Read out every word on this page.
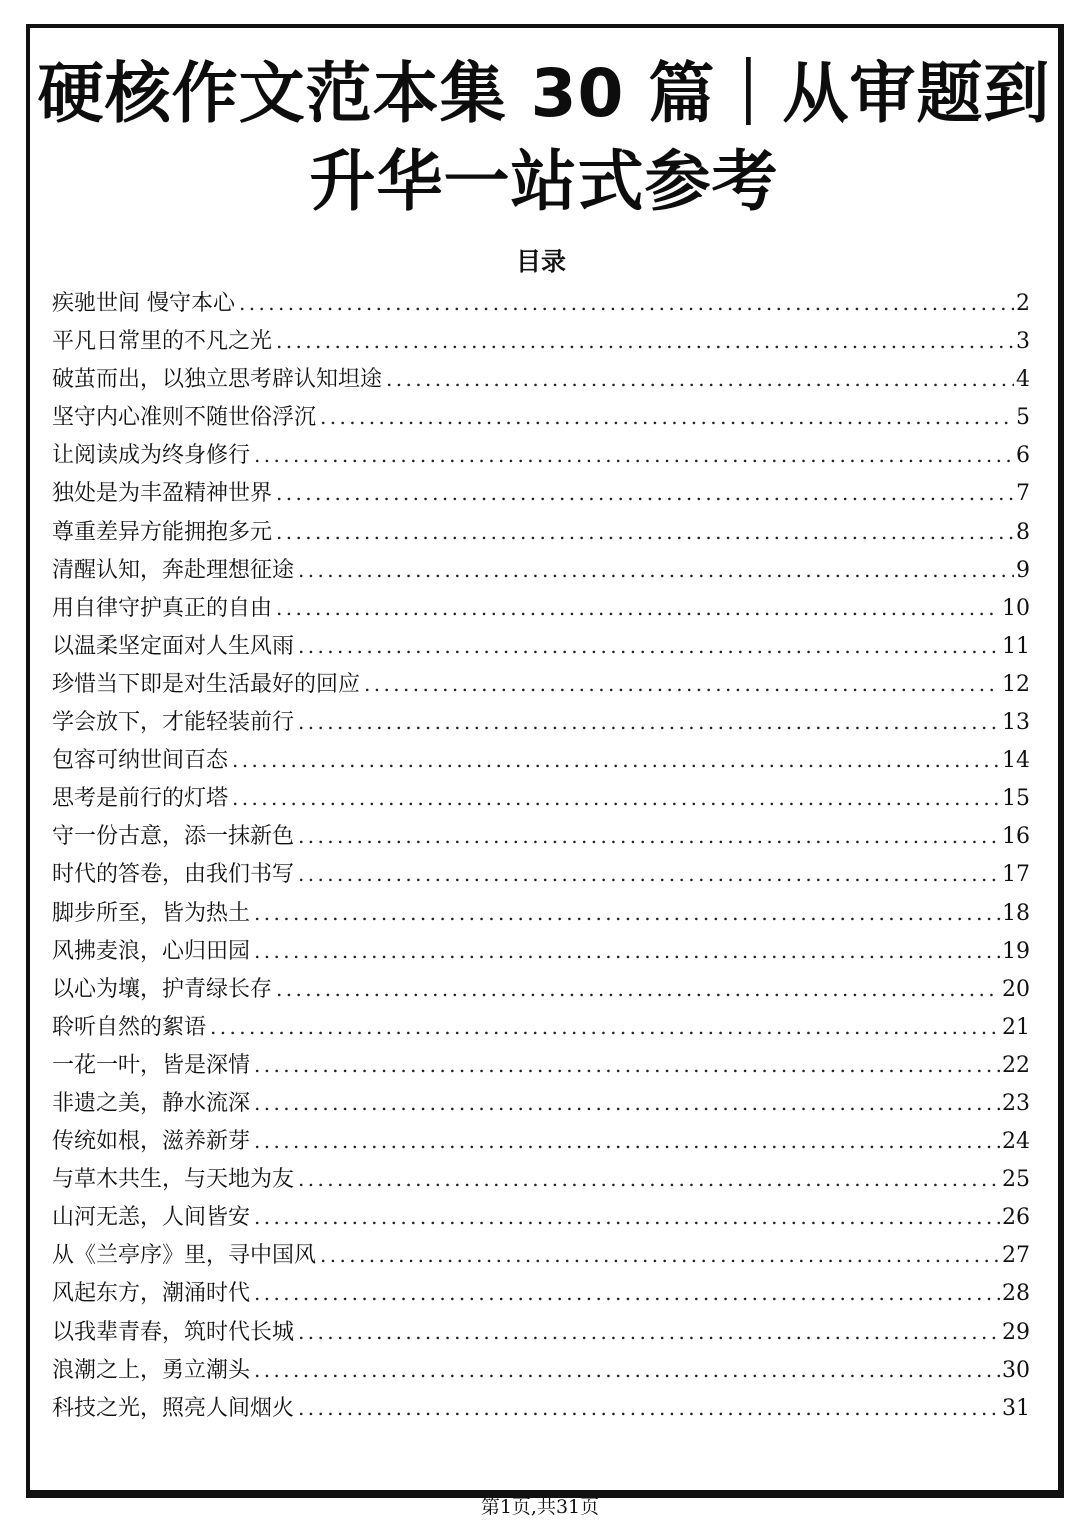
硬核作文范本集 30 篇｜从审题到
升华一站式参考
目录
疾驰世间 慢守本心 .....	2
平凡日常里的不凡之光 .....	3
破茧而出，以独立思考辟认知坦途 .....	4
坚守内心准则不随世俗浮沉 .....	5
让阅读成为终身修行 .....	6
独处是为丰盈精神世界 .....	7
尊重差异方能拥抱多元 .....	8
清醒认知，奔赴理想征途 .....	9
用自律守护真正的自由 .....	10
以温柔坚定面对人生风雨 .....	11
珍惜当下即是对生活最好的回应 .....	12
学会放下，才能轻装前行 .....	13
包容可纳世间百态 .....	14
思考是前行的灯塔 .....	15
守一份古意，添一抹新色 .....	16
时代的答卷，由我们书写 .....	17
脚步所至，皆为热土 .....	18
风拂麦浪，心归田园 .....	19
以心为壤，护青绿长存 .....	20
聆听自然的絮语 .....	21
一花一叶，皆是深情 .....	22
非遗之美，静水流深 .....	23
传统如根，滋养新芽 .....	24
与草木共生，与天地为友 .....	25
山河无恙，人间皆安 .....	26
从《兰亭序》里，寻中国风 .....	27
风起东方，潮涌时代 .....	28
以我辈青春，筑时代长城 .....	29
浪潮之上，勇立潮头 .....	30
科技之光，照亮人间烟火 .....	31
第1页,共31页
